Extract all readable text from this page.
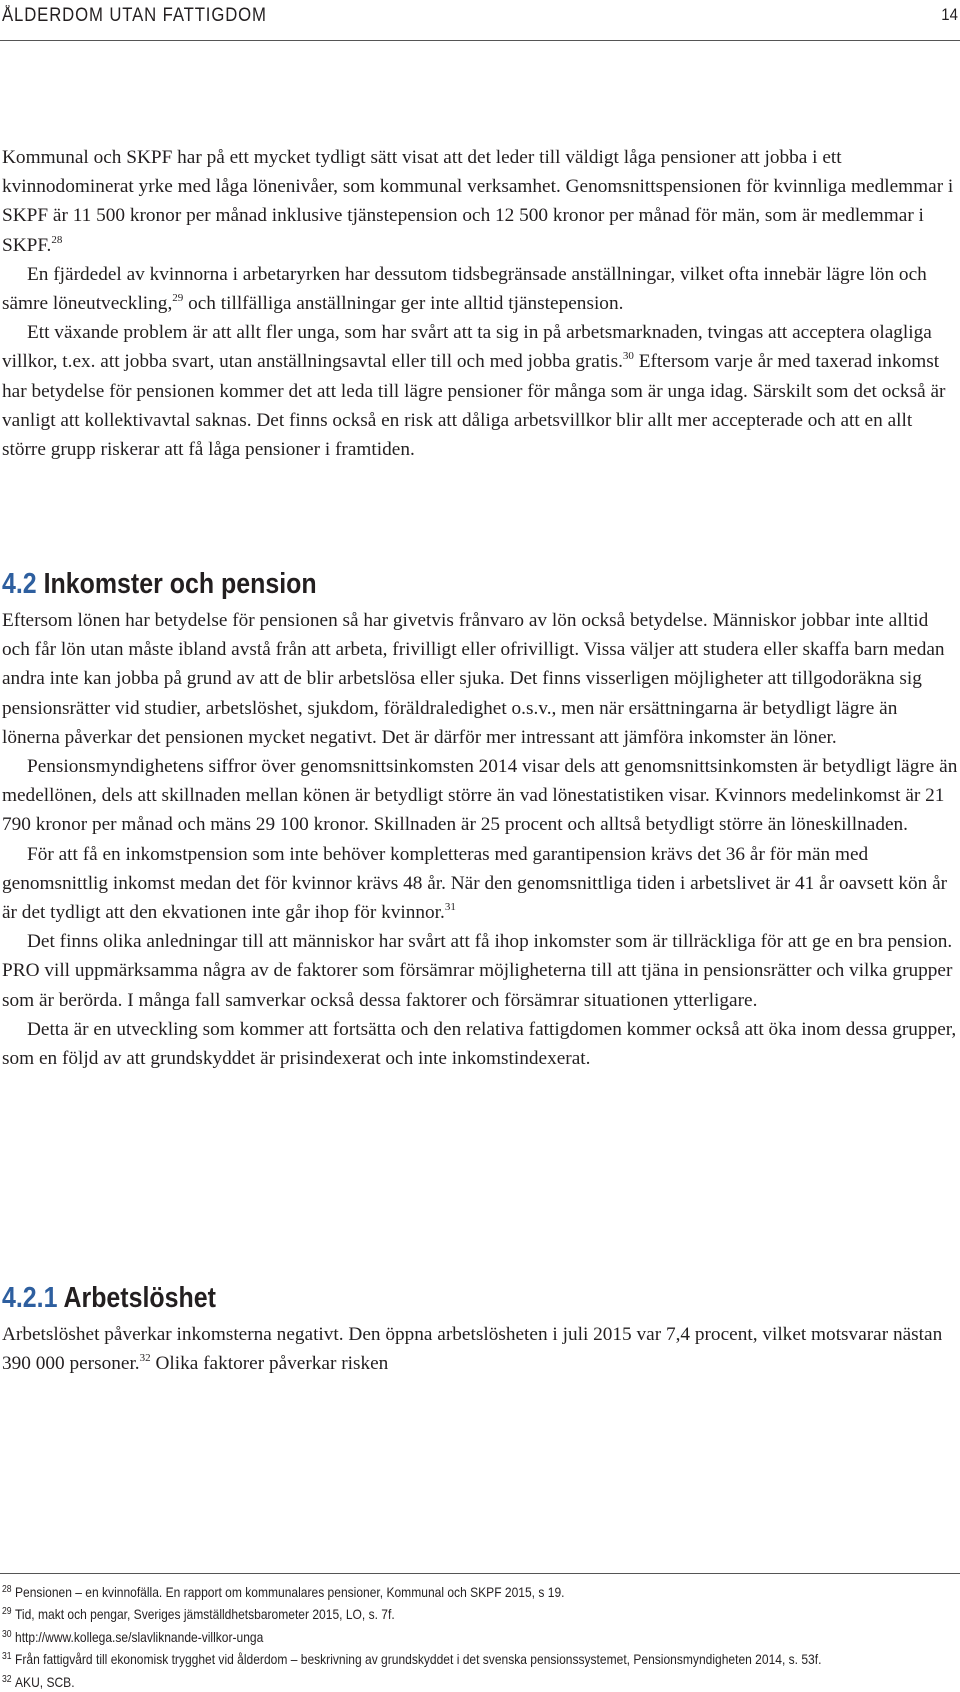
ÅLDERDOM UTAN FATTIGDOM	14

Kommunal och SKPF har på ett mycket tydligt sätt visat att det leder till väldigt låga pensioner att jobba i ett kvinnodominerat yrke med låga lönenivåer, som kommunal verksamhet. Genomsnittspensionen för kvinnliga medlemmar i SKPF är 11 500 kronor per månad inklusive tjänstepension och 12 500 kronor per månad för män, som är medlemmar i SKPF.$^{28}$

En fjärdedel av kvinnorna i arbetaryrken har dessutom tidsbegränsade anställningar, vilket ofta innebär lägre lön och sämre löneutveckling,$^{29}$ och tillfälliga anställningar ger inte alltid tjänstepension.

Ett växande problem är att allt fler unga, som har svårt att ta sig in på arbetsmarknaden, tvingas att acceptera olagliga villkor, t.ex. att jobba svart, utan anställningsavtal eller till och med jobba gratis.$^{30}$ Eftersom varje år med taxerad inkomst har betydelse för pensionen kommer det att leda till lägre pensioner för många som är unga idag. Särskilt som det också är vanligt att kollektivavtal saknas. Det finns också en risk att dåliga arbetsvillkor blir allt mer accepterade och att en allt större grupp riskerar att få låga pensioner i framtiden.

4.2 Inkomster och pension

Eftersom lönen har betydelse för pensionen så har givetvis frånvaro av lön också betydelse. Människor jobbar inte alltid och får lön utan måste ibland avstå från att arbeta, frivilligt eller ofrivilligt. Vissa väljer att studera eller skaffa barn medan andra inte kan jobba på grund av att de blir arbetslösa eller sjuka. Det finns visserligen möjligheter att tillgodoräkna sig pensionsrätter vid studier, arbetslöshet, sjukdom, föräldraledighet o.s.v., men när ersättningarna är betydligt lägre än lönerna påverkar det pensionen mycket negativt. Det är därför mer intressant att jämföra inkomster än löner.

Pensionsmyndighetens siffror över genomsnittsinkomsten 2014 visar dels att genomsnittsinkomsten är betydligt lägre än medellönen, dels att skillnaden mellan könen är betydligt större än vad lönestatistiken visar. Kvinnors medelinkomst är 21 790 kronor per månad och mäns 29 100 kronor. Skillnaden är 25 procent och alltså betydligt större än löneskillnaden.

För att få en inkomstpension som inte behöver kompletteras med garantipension krävs det 36 år för män med genomsnittlig inkomst medan det för kvinnor krävs 48 år. När den genomsnittliga tiden i arbetslivet är 41 år oavsett kön år är det tydligt att den ekvationen inte går ihop för kvinnor.$^{31}$

Det finns olika anledningar till att människor har svårt att få ihop inkomster som är tillräckliga för att ge en bra pension. PRO vill uppmärksamma några av de faktorer som försämrar möjligheterna till att tjäna in pensionsrätter och vilka grupper som är berörda. I många fall samverkar också dessa faktorer och försämrar situationen ytterligare.

Detta är en utveckling som kommer att fortsätta och den relativa fattigdomen kommer också att öka inom dessa grupper, som en följd av att grundskyddet är prisindexerat och inte inkomstindexerat.

4.2.1 Arbetslöshet

Arbetslöshet påverkar inkomsterna negativt. Den öppna arbetslösheten i juli 2015 var 7,4 procent, vilket motsvarar nästan 390 000 personer.$^{32}$ Olika faktorer påverkar risken

$^{28}$ Pensionen – en kvinnofälla. En rapport om kommunalares pensioner, Kommunal och SKPF 2015, s 19.
$^{29}$ Tid, makt och pengar, Sveriges jämställdhetsbarometer 2015, LO, s. 7f.
$^{30}$ http://www.kollega.se/slavliknande-villkor-unga
$^{31}$ Från fattigvård till ekonomisk trygghet vid ålderdom – beskrivning av grundskyddet i det svenska pensionssystemet, Pensionsmyndigheten 2014, s. 53f.
$^{32}$ AKU, SCB.
